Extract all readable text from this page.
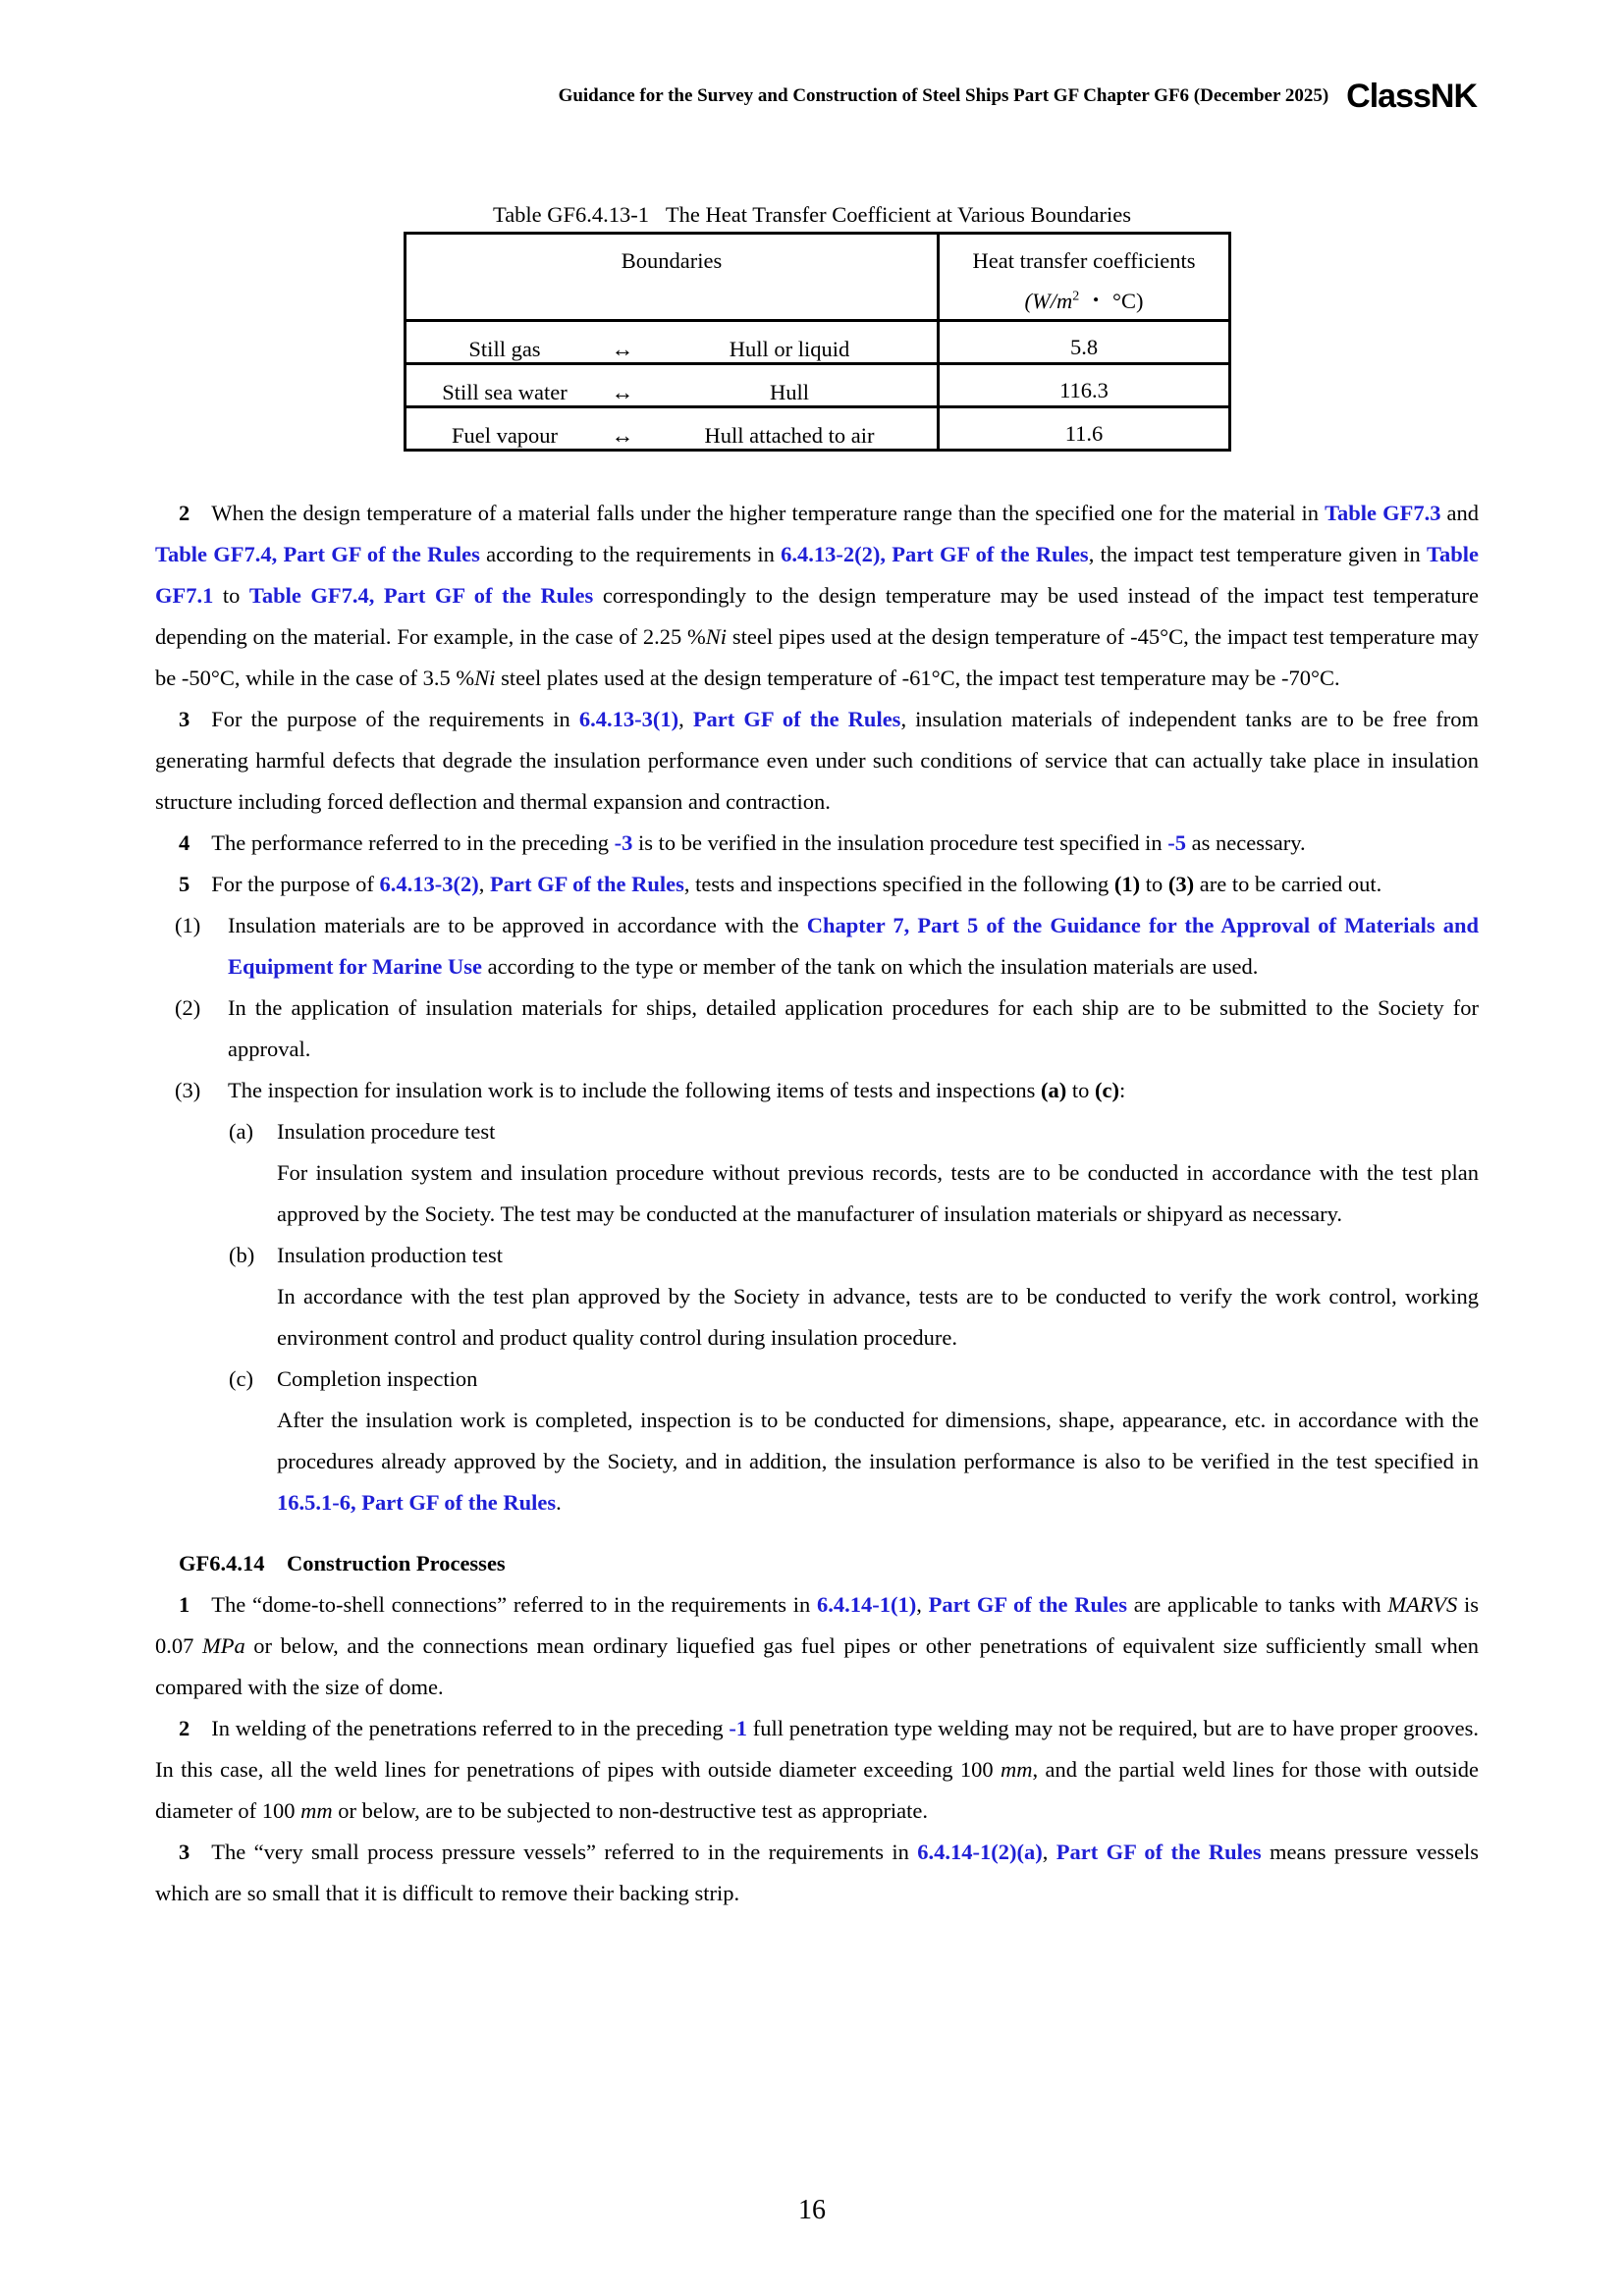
Guidance for the Survey and Construction of Steel Ships Part GF Chapter GF6 (December 2025) ClassNK
Table GF6.4.13-1   The Heat Transfer Coefficient at Various Boundaries
Boundaries	Heat transfer coefficients
($W/m^2$ ・ °C)

Still gas ↔ Hull or liquid	5.8

Still sea water ↔ Hull	116.3

Fuel vapour ↔ Hull attached to air	11.6

2 When the design temperature of a material falls under the higher temperature range than the specified one for the material in Table GF7.3 and Table GF7.4, Part GF of the Rules according to the requirements in 6.4.13-2(2), Part GF of the Rules, the impact test temperature given in Table GF7.1 to Table GF7.4, Part GF of the Rules correspondingly to the design temperature may be used instead of the impact test temperature depending on the material. For example, in the case of 2.25 %Ni steel pipes used at the design temperature of -45°C, the impact test temperature may be -50°C, while in the case of 3.5 %Ni steel plates used at the design temperature of -61°C, the impact test temperature may be -70°C.

3 For the purpose of the requirements in 6.4.13-3(1), Part GF of the Rules, insulation materials of independent tanks are to be free from generating harmful defects that degrade the insulation performance even under such conditions of service that can actually take place in insulation structure including forced deflection and thermal expansion and contraction.

4 The performance referred to in the preceding -3 is to be verified in the insulation procedure test specified in -5 as necessary.

5 For the purpose of 6.4.13-3(2), Part GF of the Rules, tests and inspections specified in the following (1) to (3) are to be carried out.

(1) Insulation materials are to be approved in accordance with the Chapter 7, Part 5 of the Guidance for the Approval of Materials and Equipment for Marine Use according to the type or member of the tank on which the insulation materials are used.
(2) In the application of insulation materials for ships, detailed application procedures for each ship are to be submitted to the Society for approval.
(3) The inspection for insulation work is to include the following items of tests and inspections (a) to (c):
(a) Insulation procedure test
For insulation system and insulation procedure without previous records, tests are to be conducted in accordance with the test plan approved by the Society. The test may be conducted at the manufacturer of insulation materials or shipyard as necessary.
(b) Insulation production test
In accordance with the test plan approved by the Society in advance, tests are to be conducted to verify the work control, working environment control and product quality control during insulation procedure.
(c) Completion inspection
After the insulation work is completed, inspection is to be conducted for dimensions, shape, appearance, etc. in accordance with the procedures already approved by the Society, and in addition, the insulation performance is also to be verified in the test specified in 16.5.1-6, Part GF of the Rules.
GF6.4.14 Construction Processes

1 The “dome-to-shell connections” referred to in the requirements in 6.4.14-1(1), Part GF of the Rules are applicable to tanks with MARVS is 0.07 MPa or below, and the connections mean ordinary liquefied gas fuel pipes or other penetrations of equivalent size sufficiently small when compared with the size of dome.

2 In welding of the penetrations referred to in the preceding -1 full penetration type welding may not be required, but are to have proper grooves. In this case, all the weld lines for penetrations of pipes with outside diameter exceeding 100 mm, and the partial weld lines for those with outside diameter of 100 mm or below, are to be subjected to non-destructive test as appropriate.

3 The “very small process pressure vessels” referred to in the requirements in 6.4.14-1(2)(a), Part GF of the Rules means pressure vessels which are so small that it is difficult to remove their backing strip.

16
